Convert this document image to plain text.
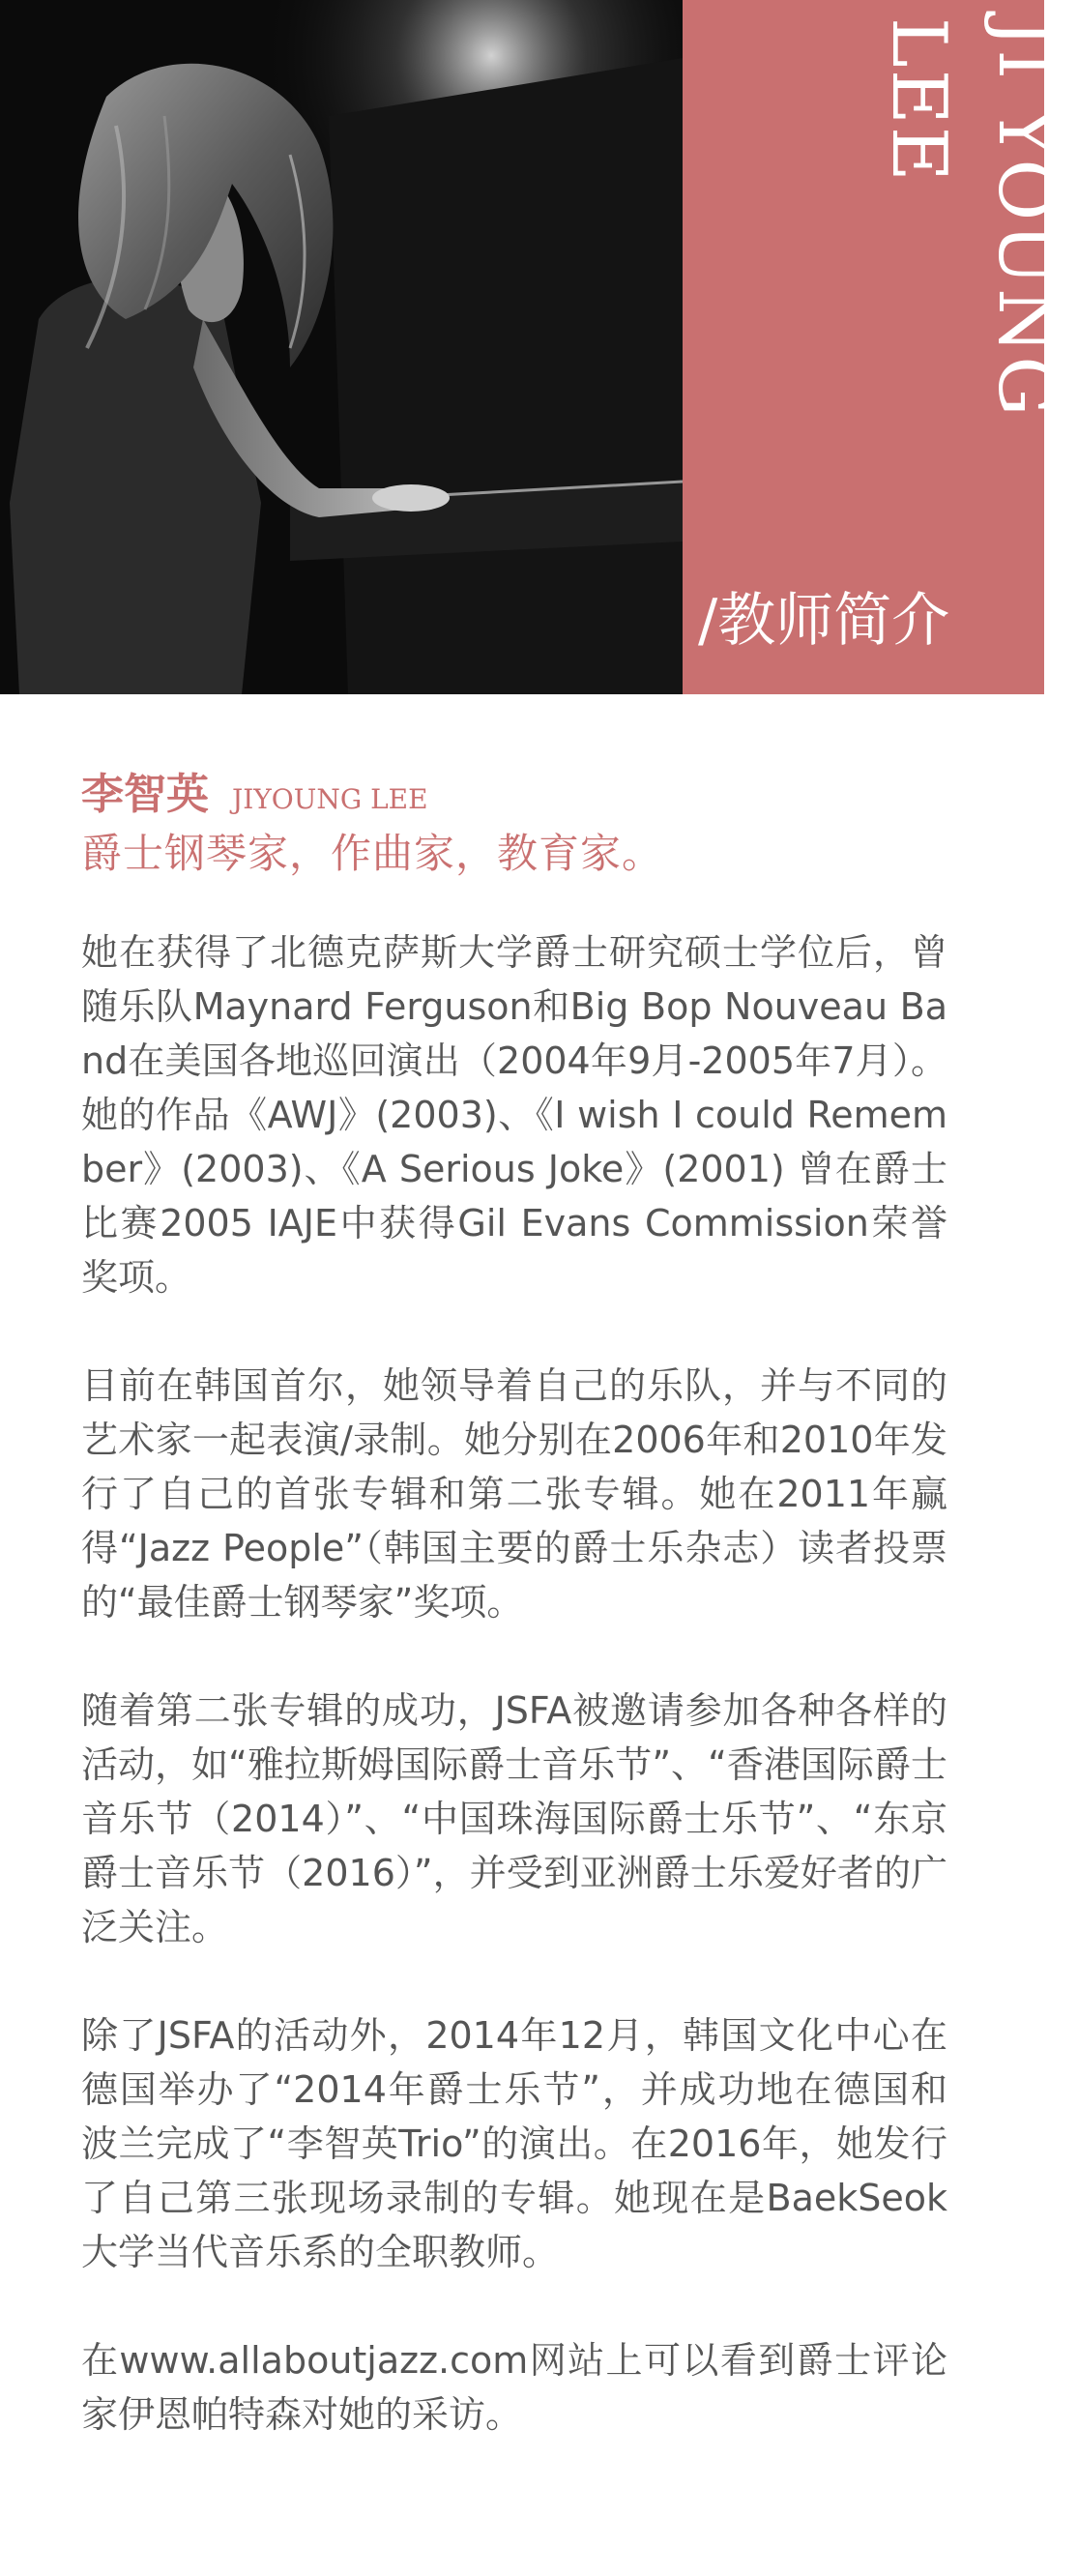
JI YOUNG
LEE
/教师简介
李智英 JIYOUNG LEE
爵士钢琴家，作曲家，教育家。

她在获得了北德克萨斯大学爵士研究硕士学位后，曾随乐队Maynard Ferguson和Big Bop Nouveau Band在美国各地巡回演出（2004年9月-2005年7月）。她的作品《AWJ》(2003)、《I wish I could Remember》(2003)、《A Serious Joke》(2001) 曾在爵士比赛2005 IAJE中获得Gil Evans Commission荣誉奖项。

目前在韩国首尔，她领导着自己的乐队，并与不同的艺术家一起表演/录制。她分别在2006年和2010年发行了自己的首张专辑和第二张专辑。她在2011年赢得“Jazz People”（韩国主要的爵士乐杂志）读者投票的“最佳爵士钢琴家”奖项。

随着第二张专辑的成功，JSFA被邀请参加各种各样的活动，如“雅拉斯姆国际爵士音乐节”、“香港国际爵士音乐节（2014）”、“中国珠海国际爵士乐节”、“东京爵士音乐节（2016）”，并受到亚洲爵士乐爱好者的广泛关注。

除了JSFA的活动外，2014年12月，韩国文化中心在德国举办了“2014年爵士乐节”，并成功地在德国和波兰完成了“李智英Trio”的演出。在2016年，她发行了自己第三张现场录制的专辑。她现在是BaekSeok大学当代音乐系的全职教师。

在www.allaboutjazz.com网站上可以看到爵士评论家伊恩帕特森对她的采访。
